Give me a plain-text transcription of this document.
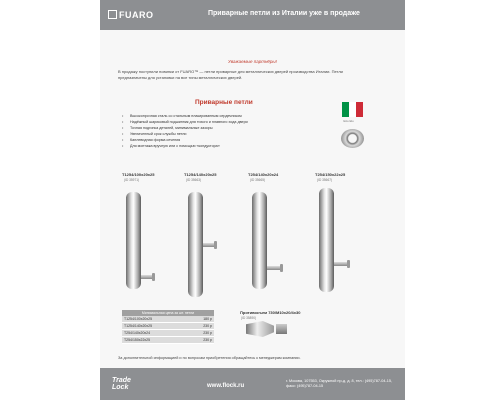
FUARO	Приварные петли из Италии уже в продаже
Уважаемые партнёры!
В продажу поступили новинки от FUARO™ — петли приварные для металлических дверей производства Италии. Петли предназначены для установки на все типы металлических дверей.
Itolo Elo
Приварные петли
• Высокопрочная сталь со стальным плакированным сердечником
• Надёжный шариковый подшипник для тихого и плавного хода двери
• Точная подгонка деталей, минимальные зазоры
• Увеличенный срок службы петли
• Каплевидная форма сечения
• Для монтажа вручную или с помощью «кондуктора»
T1254/100x20x25
(ID 35971)
T1254/140x20x25
(ID 35663)
T254/140x20x24
(ID 35665)
T254/150x22x25
(ID 35667)
Минимальная цена за шт. петли	
T1254/100x20x25	180 р
T1254/140x20x25	230 р
T254/140x20x24	230 р
T254/150x22x25	230 р
Противосъем 730/M10x20/4x30
(ID 35890)
За дополнительной информацией и по вопросам приобретения обращайтесь к менеджерам компании.
Trade
Lock	www.flock.ru
г. Москва, 107553, Окружной пр-д, д. 8, тел.: (495)787-04-15, факс: (495)787-04-15
